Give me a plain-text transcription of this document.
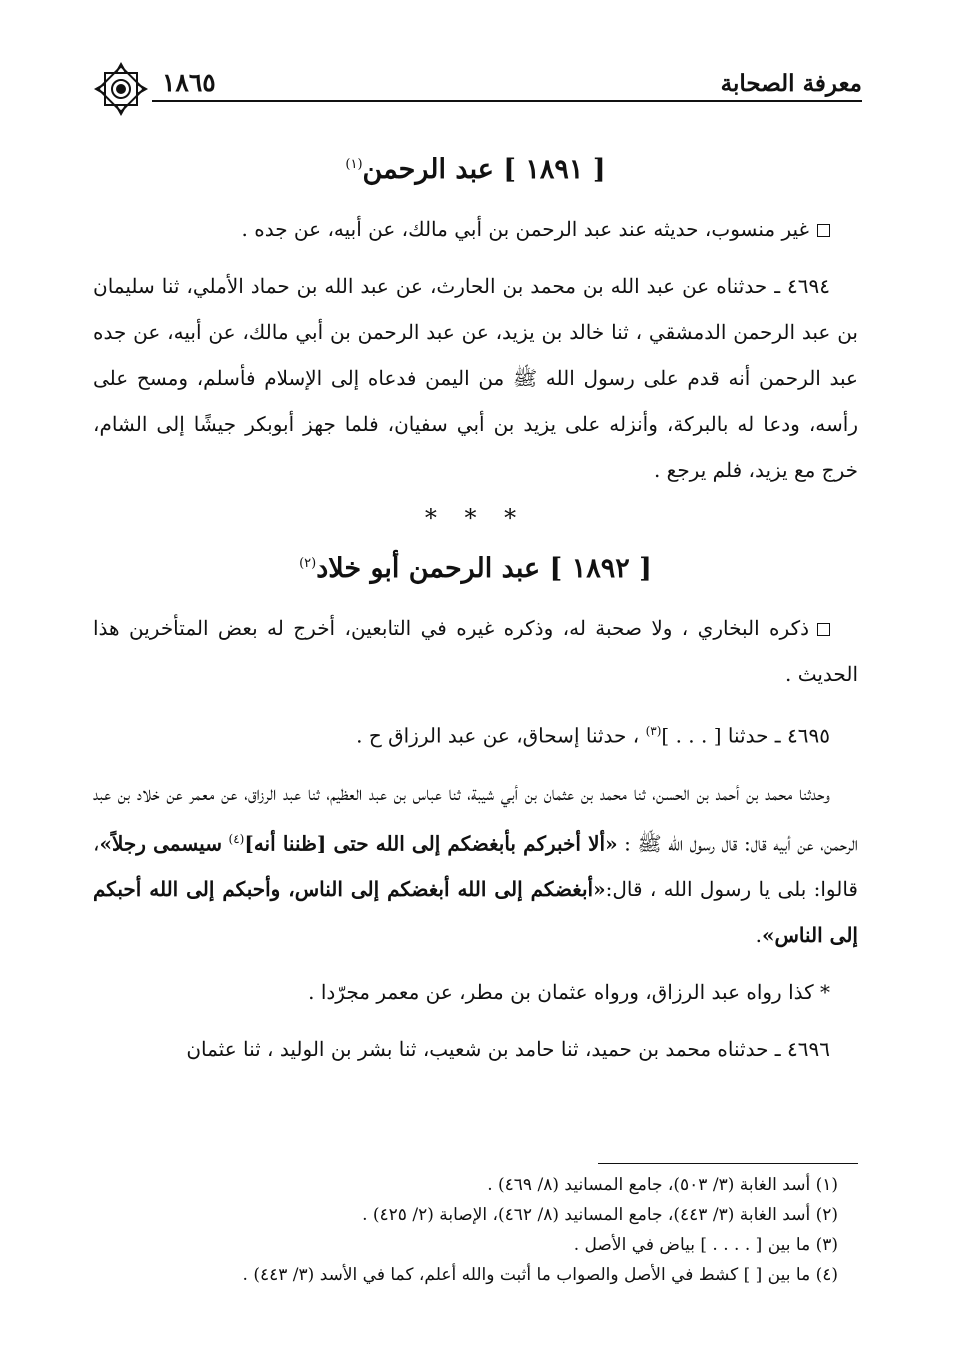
معرفة الصحابة
١٨٦٥
[ ١٨٩١ ] عبد الرحمن$^{(١)}$

غير منسوب، حديثه عند عبد الرحمن بن أبي مالك، عن أبيه، عن جده .

٤٦٩٤ ـ حدثناه عن عبد الله بن محمد بن الحارث، عن عبد الله بن حماد الأملي، ثنا سليمان بن عبد الرحمن الدمشقي ، ثنا خالد بن يزيد، عن عبد الرحمن بن أبي مالك، عن أبيه، عن جده عبد الرحمن أنه قدم على رسول الله ﷺ من اليمن فدعاه إلى الإسلام فأسلم، ومسح على رأسه، ودعا له بالبركة، وأنزله على يزيد بن أبي سفيان، فلما جهز أبوبكر جيشًا إلى الشام، خرج مع يزيد، فلم يرجع .

* * *
[ ١٨٩٢ ] عبد الرحمن أبو خلاد$^{(٢)}$

ذكره البخاري ، ولا صحبة له، وذكره غيره في التابعين، أخرج له بعض المتأخرين هذا الحديث .

٤٦٩٥ ـ حدثنا [ . . . ]$^{(٣)}$ ، حدثنا إسحاق، عن عبد الرزاق ح .

وحدثنا محمد بن أحمد بن الحسن، ثنا محمد بن عثمان بن أبي شيبة، ثنا عباس بن عبد العظيم، ثنا عبد الرزاق، عن معمر عن خلاد بن عبد الرحمن، عن أبيه قال: قال رسول الله ﷺ : «ألا أخبركم بأبغضكم إلى الله حتى [ظننا أنه]$^{(٤)}$ سيسمى رجلاً»، قالوا: بلى يا رسول الله ، قال:«أبغضكم إلى الله أبغضكم إلى الناس، وأحبكم إلى الله أحبكم إلى الناس».

* كذا رواه عبد الرزاق، ورواه عثمان بن مطر، عن معمر مجرّدا .

٤٦٩٦ ـ حدثناه محمد بن حميد، ثنا حامد بن شعيب، ثنا بشر بن الوليد ، ثنا عثمان

(١) أسد الغابة (٣/ ٥٠٣)، جامع المسانيد (٨/ ٤٦٩) .
(٢) أسد الغابة (٣/ ٤٤٣)، جامع المسانيد (٨/ ٤٦٢)، الإصابة (٢/ ٤٢٥) .
(٣) ما بين [ . . . . ] بياض في الأصل .
(٤) ما بين [ ] كشط في الأصل والصواب ما أثبت والله أعلم، كما في الأسد (٣/ ٤٤٣) .
